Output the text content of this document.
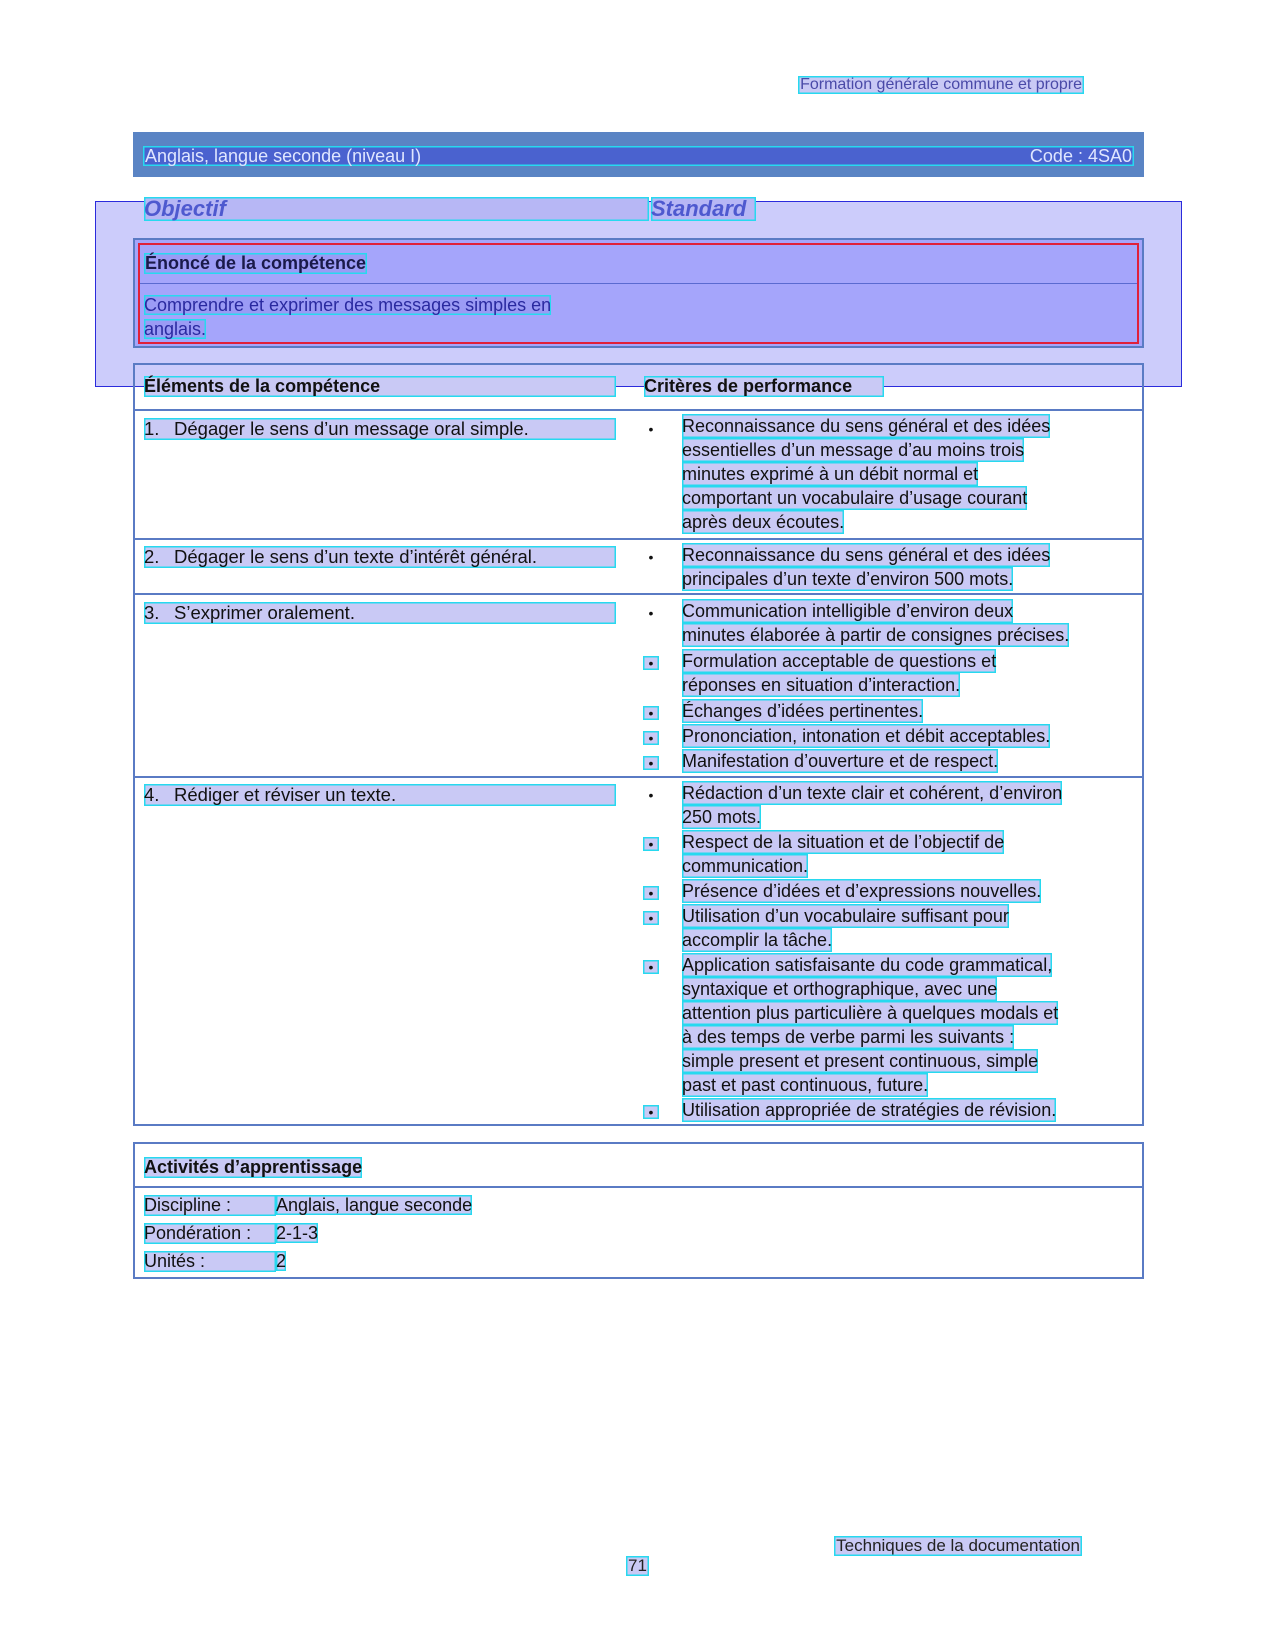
Formation générale commune et propre
Anglais, langue seconde (niveau I)	Code : 4SA0
Objectif	Standard
Énoncé de la compétence
Comprendre et exprimer des messages simples en
anglais.
Éléments de la compétence	Critères de performance
1. Dégager le sens d’un message oral simple.	•	Reconnaissance du sens général et des idées
essentielles d’un message d’au moins trois
minutes exprimé à un débit normal et
comportant un vocabulaire d’usage courant
après deux écoutes.
2. Dégager le sens d’un texte d’intérêt général.	•	Reconnaissance du sens général et des idées
principales d’un texte d’environ 500 mots.
3. S’exprimer oralement.	•	Communication intelligible d’environ deux
minutes élaborée à partir de consignes précises.
•	Formulation acceptable de questions et
réponses en situation d’interaction.
•	Échanges d’idées pertinentes.
•	Prononciation, intonation et débit acceptables.
•	Manifestation d’ouverture et de respect.
4. Rédiger et réviser un texte.	•	Rédaction d’un texte clair et cohérent, d’environ
250 mots.
•	Respect de la situation et de l’objectif de
communication.
•	Présence d’idées et d’expressions nouvelles.
•	Utilisation d’un vocabulaire suffisant pour
accomplir la tâche.
•	Application satisfaisante du code grammatical,
syntaxique et orthographique, avec une
attention plus particulière à quelques modals et
à des temps de verbe parmi les suivants :
simple present et present continuous, simple
past et past continuous, future.
•	Utilisation appropriée de stratégies de révision.
Activités d’apprentissage
Discipline : Anglais, langue seconde
Pondération : 2-1-3
Unités :	2
Techniques de la documentation
71
